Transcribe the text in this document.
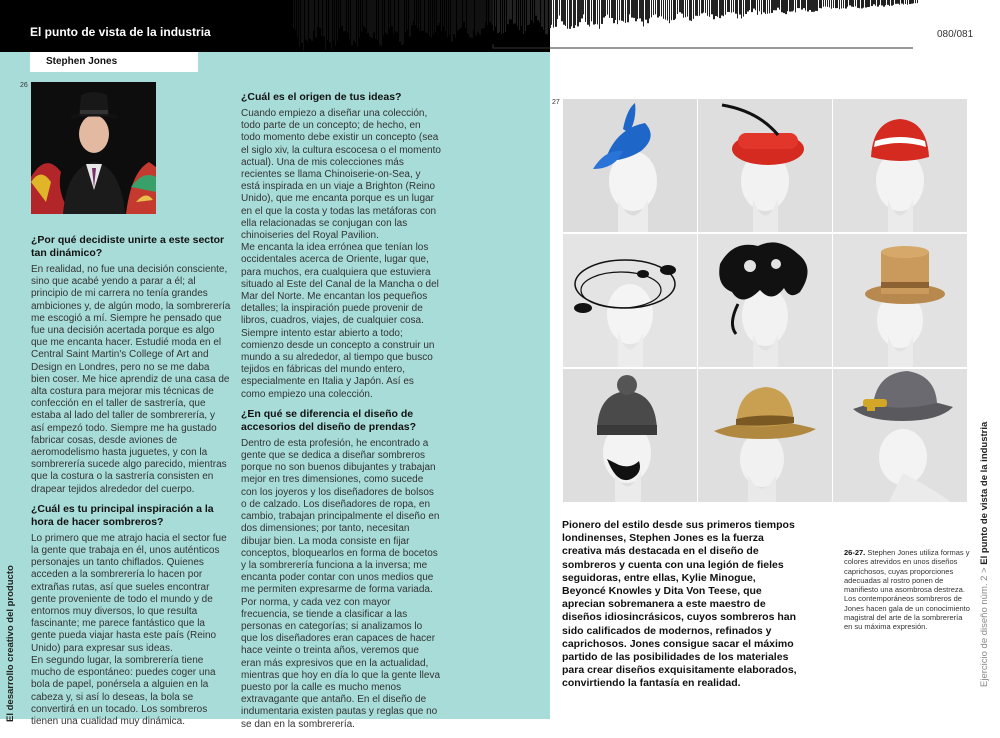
El punto de vista de la industria
Stephen Jones
26
¿Por qué decidiste unirte a este sector tan dinámico?

En realidad, no fue una decisión consciente, sino que acabé yendo a parar a él; al principio de mi carrera no tenía grandes ambiciones y, de algún modo, la sombrerería me escogió a mí. Siempre he pensado que fue una decisión acertada porque es algo que me encanta hacer. Estudié moda en el Central Saint Martin's College of Art and Design en Londres, pero no se me daba bien coser. Me hice aprendiz de una casa de alta costura para mejorar mis técnicas de confección en el taller de sastrería, que estaba al lado del taller de sombrerería, y así empezó todo. Siempre me ha gustado fabricar cosas, desde aviones de aeromodelismo hasta juguetes, y con la sombrerería sucede algo parecido, mientras que la costura o la sastrería consisten en drapear tejidos alrededor del cuerpo.

¿Cuál es tu principal inspiración a la hora de hacer sombreros?

Lo primero que me atrajo hacia el sector fue la gente que trabaja en él, unos auténticos personajes un tanto chiflados. Quienes acceden a la sombrerería lo hacen por extrañas rutas, así que sueles encontrar gente proveniente de todo el mundo y de entornos muy diversos, lo que resulta fascinante; me parece fantástico que la gente pueda viajar hasta este país (Reino Unido) para expresar sus ideas.
En segundo lugar, la sombrerería tiene mucho de espontáneo: puedes coger una bola de papel, ponérsela a alguien en la cabeza y, si así lo deseas, la bola se convertirá en un tocado. Los sombreros tienen una cualidad muy dinámica.

¿Cuál es el origen de tus ideas?

Cuando empiezo a diseñar una colección, todo parte de un concepto; de hecho, en todo momento debe existir un concepto (sea el siglo xiv, la cultura escocesa o el momento actual). Una de mis colecciones más recientes se llama Chinoiserie-on-Sea, y está inspirada en un viaje a Brighton (Reino Unido), que me encanta porque es un lugar en el que la costa y todas las metáforas con ella relacionadas se conjugan con las chinoiseries del Royal Pavilion.
Me encanta la idea errónea que tenían los occidentales acerca de Oriente, lugar que, para muchos, era cualquiera que estuviera situado al Este del Canal de la Mancha o del Mar del Norte. Me encantan los pequeños detalles; la inspiración puede provenir de libros, cuadros, viajes, de cualquier cosa. Siempre intento estar abierto a todo; comienzo desde un concepto a construir un mundo a su alrededor, al tiempo que busco tejidos en fábricas del mundo entero, especialmente en Italia y Japón. Así es como empiezo una colección.

¿En qué se diferencia el diseño de accesorios del diseño de prendas?

Dentro de esta profesión, he encontrado a gente que se dedica a diseñar sombreros porque no son buenos dibujantes y trabajan mejor en tres dimensiones, como sucede con los joyeros y los diseñadores de bolsos o de calzado. Los diseñadores de ropa, en cambio, trabajan principalmente el diseño en dos dimensiones; por tanto, necesitan dibujar bien. La moda consiste en fijar conceptos, bloquearlos en forma de bocetos y la sombrerería funciona a la inversa; me encanta poder contar con unos medios que me permiten expresarme de forma variada. Por norma, y cada vez con mayor frecuencia, se tiende a clasificar a las personas en categorías; si analizamos lo que los diseñadores eran capaces de hacer hace veinte o treinta años, veremos que eran más expresivos que en la actualidad, mientras que hoy en día lo que la gente lleva puesto por la calle es mucho menos extravagante que antaño. En el diseño de indumentaria existen pautas y reglas que no se dan en la sombrerería.

El desarrollo creativo del producto
080/081
27
Pionero del estilo desde sus primeros tiempos londinenses, Stephen Jones es la fuerza creativa más destacada en el diseño de sombreros y cuenta con una legión de fieles seguidoras, entre ellas, Kylie Minogue, Beyoncé Knowles y Dita Von Teese, que aprecian sobremanera a este maestro de diseños idiosincrásicos, cuyos sombreros han sido calificados de modernos, refinados y caprichosos. Jones consigue sacar el máximo partido de las posibilidades de los materiales para crear diseños exquisitamente elaborados, convirtiendo la fantasía en realidad.
26-27. Stephen Jones utiliza formas y colores atrevidos en unos diseños caprichosos, cuyas proporciones adecuadas al rostro ponen de manifiesto una asombrosa destreza. Los contemporáneos sombreros de Jones hacen gala de un conocimiento magistral del arte de la sombrerería en su máxima expresión.	Ejercicio de diseño núm. 2 > El punto de vista de la industria
